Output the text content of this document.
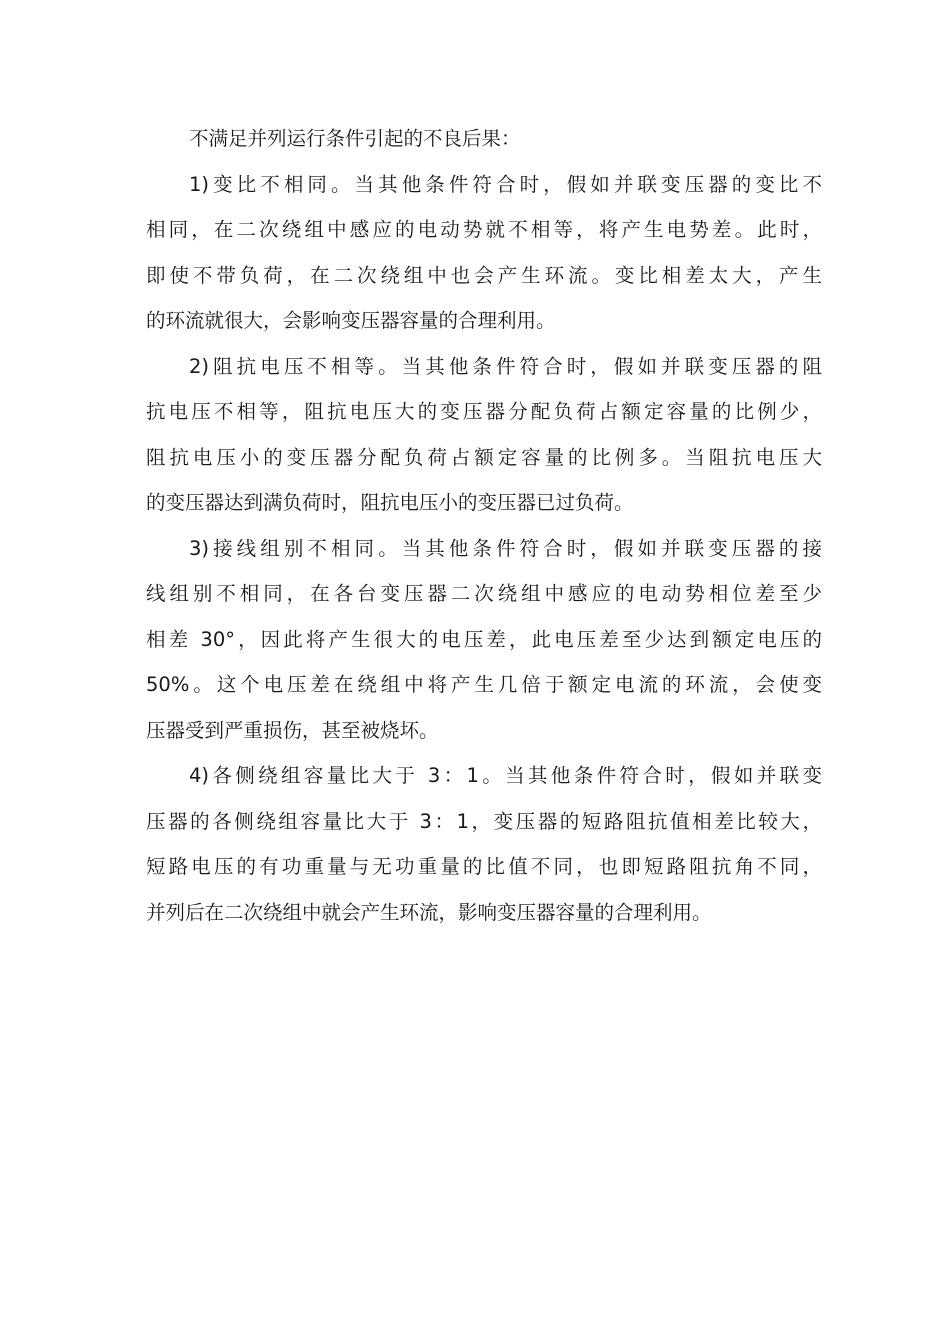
不满足并列运行条件引起的不良后果：
1)变比不相同。当其他条件符合时，假如并联变压器的变比不
相同，在二次绕组中感应的电动势就不相等，将产生电势差。此时，
即使不带负荷，在二次绕组中也会产生环流。变比相差太大，产生
的环流就很大，会影响变压器容量的合理利用。
2)阻抗电压不相等。当其他条件符合时，假如并联变压器的阻
抗电压不相等，阻抗电压大的变压器分配负荷占额定容量的比例少，
阻抗电压小的变压器分配负荷占额定容量的比例多。当阻抗电压大
的变压器达到满负荷时，阻抗电压小的变压器已过负荷。
3)接线组别不相同。当其他条件符合时，假如并联变压器的接
线组别不相同，在各台变压器二次绕组中感应的电动势相位差至少
相差 30°，因此将产生很大的电压差，此电压差至少达到额定电压的
50%。这个电压差在绕组中将产生几倍于额定电流的环流，会使变
压器受到严重损伤，甚至被烧坏。
4)各侧绕组容量比大于 3：1。当其他条件符合时，假如并联变
压器的各侧绕组容量比大于 3：1，变压器的短路阻抗值相差比较大，
短路电压的有功重量与无功重量的比值不同，也即短路阻抗角不同，
并列后在二次绕组中就会产生环流，影响变压器容量的合理利用。
